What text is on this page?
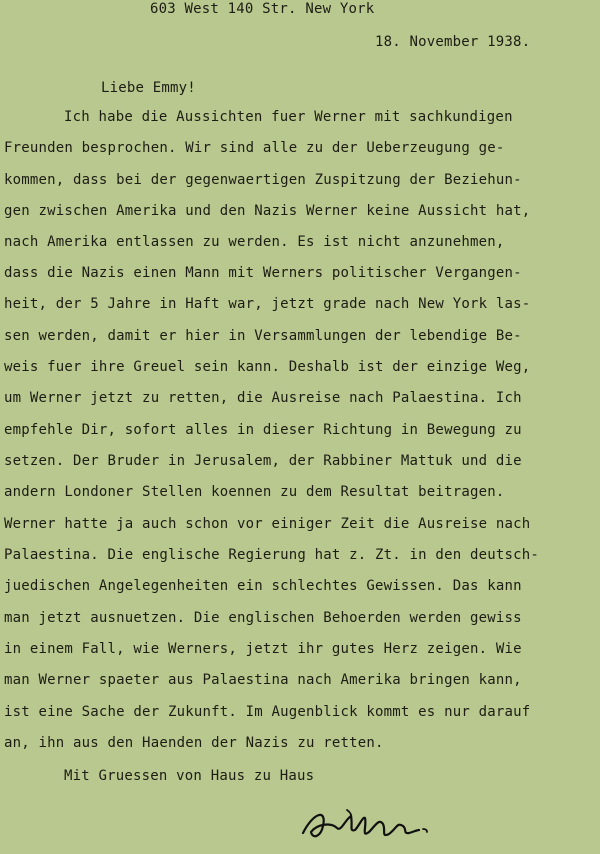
603 West 140 Str. New York
18. November 1938.
Liebe Emmy!
Ich habe die Aussichten fuer Werner mit sachkundigen
Freunden besprochen. Wir sind alle zu der Ueberzeugung ge-
kommen, dass bei der gegenwaertigen Zuspitzung der Beziehun-
gen zwischen Amerika und den Nazis Werner keine Aussicht hat,
nach Amerika entlassen zu werden. Es ist nicht anzunehmen,
dass die Nazis einen Mann mit Werners politischer Vergangen-
heit, der 5 Jahre in Haft war, jetzt grade nach New York las-
sen werden, damit er hier in Versammlungen der lebendige Be-
weis fuer ihre Greuel sein kann. Deshalb ist der einzige Weg,
um Werner jetzt zu retten, die Ausreise nach Palaestina. Ich
empfehle Dir, sofort alles in dieser Richtung in Bewegung zu
setzen. Der Bruder in Jerusalem, der Rabbiner Mattuk und die
andern Londoner Stellen koennen zu dem Resultat beitragen.
Werner hatte ja auch schon vor einiger Zeit die Ausreise nach
Palaestina. Die englische Regierung hat z. Zt. in den deutsch-
juedischen Angelegenheiten ein schlechtes Gewissen. Das kann
man jetzt ausnuetzen. Die englischen Behoerden werden gewiss
in einem Fall, wie Werners, jetzt ihr gutes Herz zeigen. Wie
man Werner spaeter aus Palaestina nach Amerika bringen kann,
ist eine Sache der Zukunft. Im Augenblick kommt es nur darauf
an, ihn aus den Haenden der Nazis zu retten.
Mit Gruessen von Haus zu Haus
